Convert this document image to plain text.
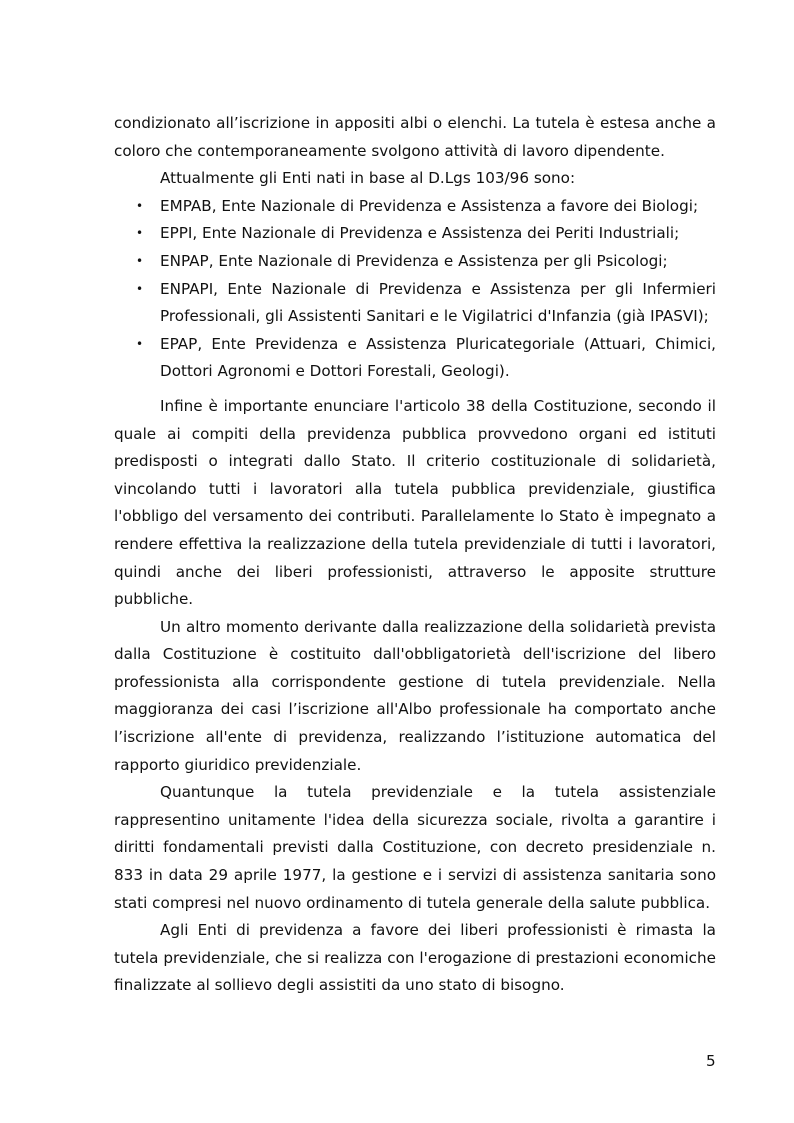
condizionato all’iscrizione in appositi albi o elenchi. La tutela è estesa anche a coloro che contemporaneamente svolgono attività di lavoro dipendente.

Attualmente gli Enti nati in base al D.Lgs 103/96 sono:

• EMPAB, Ente Nazionale di Previdenza e Assistenza a favore dei Biologi;
• EPPI, Ente Nazionale di Previdenza e Assistenza dei Periti Industriali;
• ENPAP, Ente Nazionale di Previdenza e Assistenza per gli Psicologi;
• ENPAPI, Ente Nazionale di Previdenza e Assistenza per gli Infermieri Professionali, gli Assistenti Sanitari e le Vigilatrici d'Infanzia (già IPASVI);
• EPAP, Ente Previdenza e Assistenza Pluricategoriale (Attuari, Chimici, Dottori Agronomi e Dottori Forestali, Geologi).

Infine è importante enunciare l'articolo 38 della Costituzione, secondo il quale ai compiti della previdenza pubblica provvedono organi ed istituti predisposti o integrati dallo Stato. Il criterio costituzionale di solidarietà, vincolando tutti i lavoratori alla tutela pubblica previdenziale, giustifica l'obbligo del versamento dei contributi. Parallelamente lo Stato è impegnato a rendere effettiva la realizzazione della tutela previdenziale di tutti i lavoratori, quindi anche dei liberi professionisti, attraverso le apposite strutture pubbliche.

Un altro momento derivante dalla realizzazione della solidarietà prevista dalla Costituzione è costituito dall'obbligatorietà dell'iscrizione del libero professionista alla corrispondente gestione di tutela previdenziale. Nella maggioranza dei casi l’iscrizione all'Albo professionale ha comportato anche l’iscrizione all'ente di previdenza, realizzando l’istituzione automatica del rapporto giuridico previdenziale.

Quantunque la tutela previdenziale e la tutela assistenziale rappresentino unitamente l'idea della sicurezza sociale, rivolta a garantire i diritti fondamentali previsti dalla Costituzione, con decreto presidenziale n. 833 in data 29 aprile 1977, la gestione e i servizi di assistenza sanitaria sono stati compresi nel nuovo ordinamento di tutela generale della salute pubblica.

Agli Enti di previdenza a favore dei liberi professionisti è rimasta la tutela previdenziale, che si realizza con l'erogazione di prestazioni economiche finalizzate al sollievo degli assistiti da uno stato di bisogno.

5
